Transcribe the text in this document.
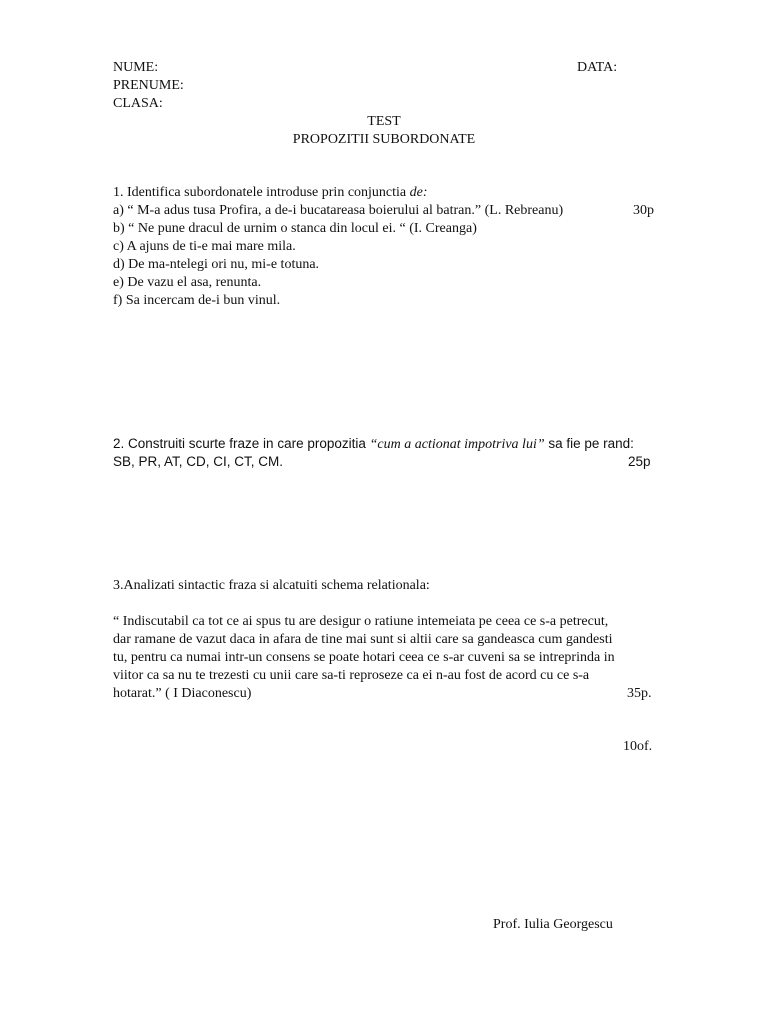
NUME:	DATA:
PRENUME:
CLASA:
TEST
PROPOZITII SUBORDONATE
1. Identifica subordonatele introduse prin conjunctia de:
a) “ M-a adus tusa Profira, a de-i bucatareasa boierului al batran.” (L. Rebreanu)	30p
b) “ Ne pune dracul de urnim o stanca din locul ei. “ (I. Creanga)
c) A ajuns de ti-e mai mare mila.
d) De ma-ntelegi ori nu, mi-e totuna.
e) De vazu el asa, renunta.
f) Sa incercam de-i bun vinul.
2. Construiti scurte fraze in care propozitia “cum a actionat impotriva lui” sa fie pe rand:
SB, PR, AT, CD, CI, CT, CM.	25p
3.Analizati sintactic fraza si alcatuiti schema relationala:
“ Indiscutabil ca tot ce ai spus tu are desigur o ratiune intemeiata pe ceea ce s-a petrecut,
dar ramane de vazut daca in afara de tine mai sunt si altii care sa gandeasca cum gandesti
tu, pentru ca numai intr-un consens se poate hotari ceea ce s-ar cuveni sa se intreprinda in
viitor ca sa nu te trezesti cu unii care sa-ti reproseze ca ei n-au fost de acord cu ce s-a
hotarat.” ( I Diaconescu)	35p.
10of.
Prof. Iulia Georgescu
